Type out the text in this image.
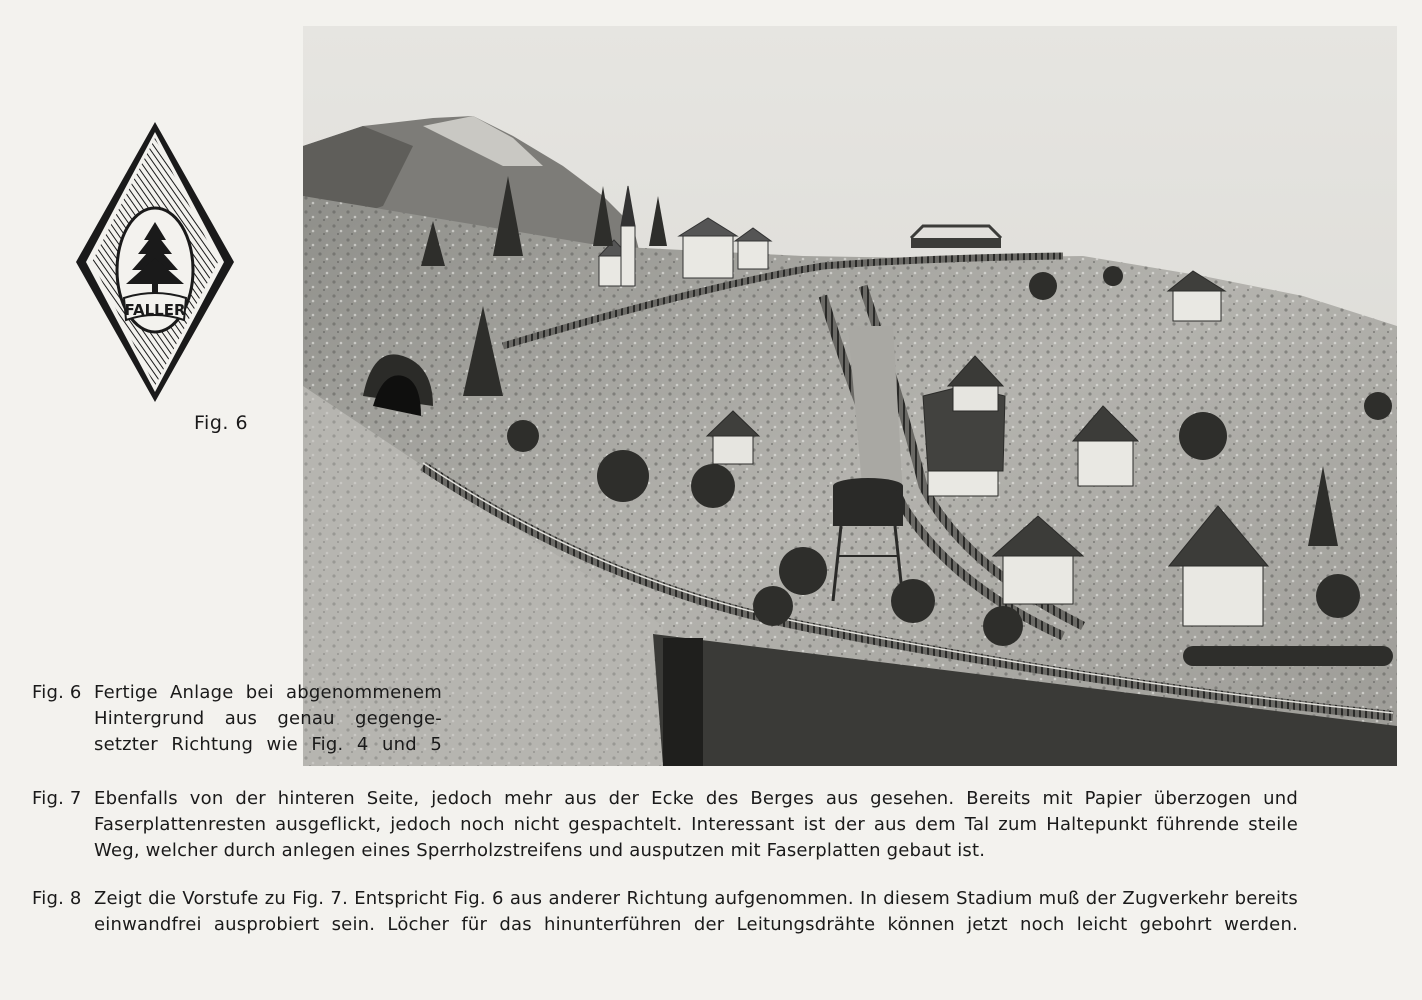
FALLER
Fig. 6
Fig. 6 Fertige Anlage bei abgenommenem Hintergrund aus genau gegenge-setzter Richtung wie Fig. 4 und 5
Fig. 7 Ebenfalls von der hinteren Seite, jedoch mehr aus der Ecke des Berges aus gesehen. Bereits mit Papier überzogen und Faserplattenresten ausgeflickt, jedoch noch nicht gespachtelt. Interessant ist der aus dem Tal zum Haltepunkt führende steile Weg, welcher durch anlegen eines Sperrholzstreifens und ausputzen mit Faserplatten gebaut ist.
Fig. 8 Zeigt die Vorstufe zu Fig. 7. Entspricht Fig. 6 aus anderer Richtung aufgenommen. In diesem Stadium muß der Zugverkehr bereits einwandfrei ausprobiert sein. Löcher für das hinunterführen der Leitungsdrähte können jetzt noch leicht gebohrt werden.
